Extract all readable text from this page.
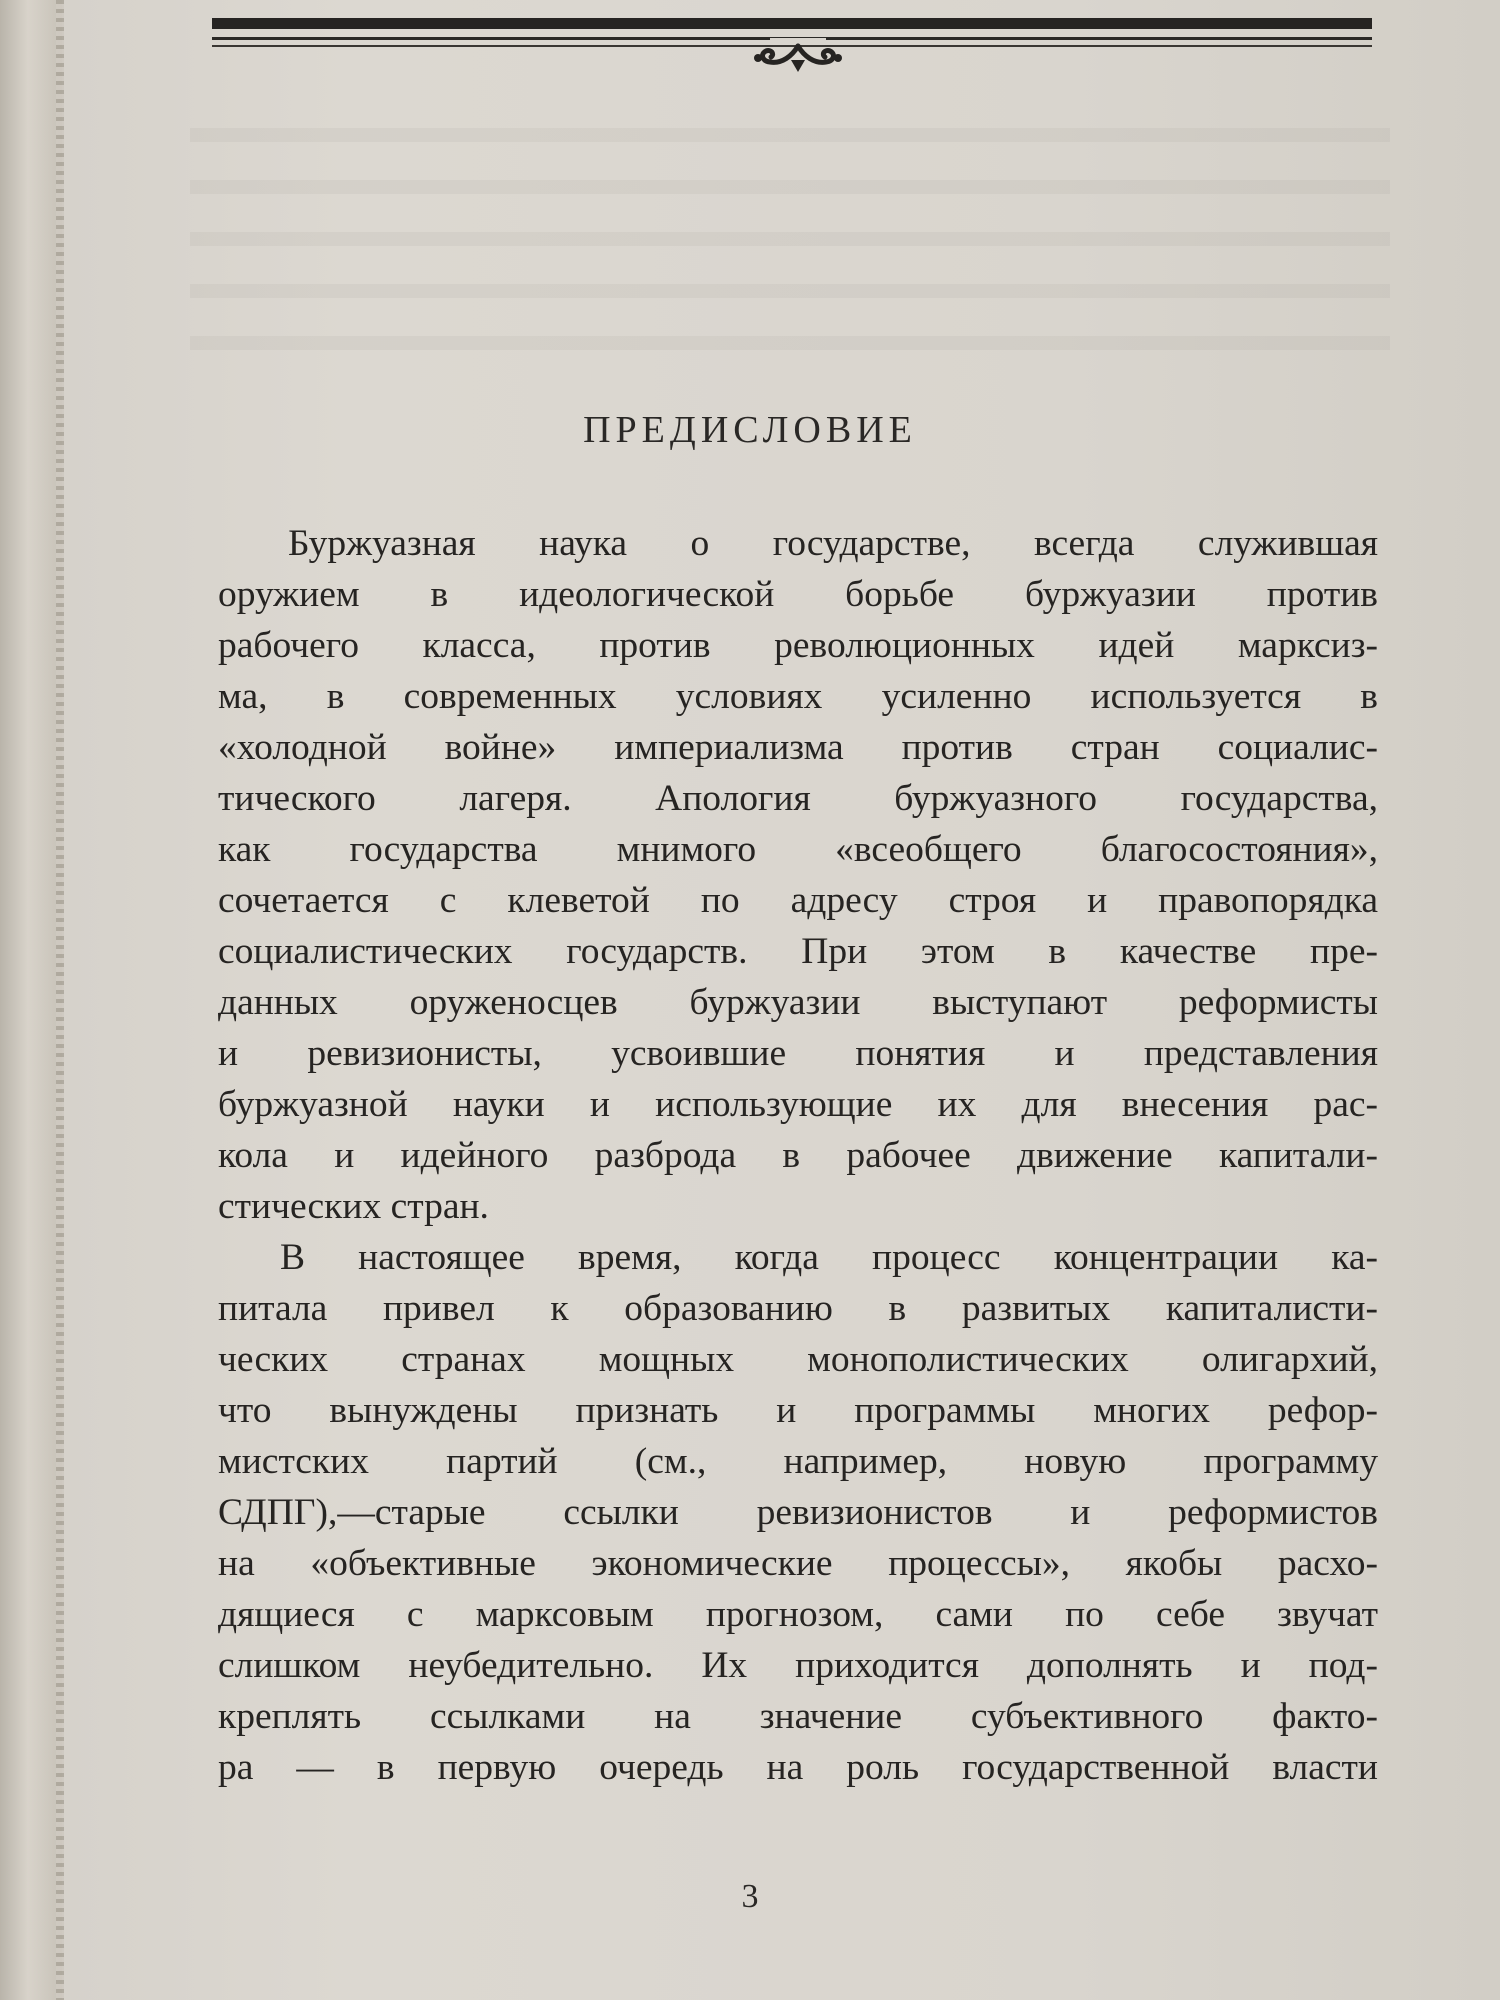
ПРЕДИСЛОВИЕ
Буржуазная наука о государстве, всегда служившая
оружием в идеологической борьбе буржуазии против
рабочего класса, против революционных идей марксиз-
ма, в современных условиях усиленно используется в
«холодной войне» империализма против стран социалис-
тического лагеря. Апология буржуазного государства,
как государства мнимого «всеобщего благосостояния»,
сочетается с клеветой по адресу строя и правопорядка
социалистических государств. При этом в качестве пре-
данных оруженосцев буржуазии выступают реформисты
и ревизионисты, усвоившие понятия и представления
буржуазной науки и использующие их для внесения рас-
кола и идейного разброда в рабочее движение капитали-
стических стран.
В настоящее время, когда процесс концентрации ка-
питала привел к образованию в развитых капиталисти-
ческих странах мощных монополистических олигархий,
что вынуждены признать и программы многих рефор-
мистских партий (см., например, новую программу
СДПГ),—старые ссылки ревизионистов и реформистов
на «объективные экономические процессы», якобы расхо-
дящиеся с марксовым прогнозом, сами по себе звучат
слишком неубедительно. Их приходится дополнять и под-
креплять ссылками на значение субъективного факто-
ра — в первую очередь на роль государственной власти
3
